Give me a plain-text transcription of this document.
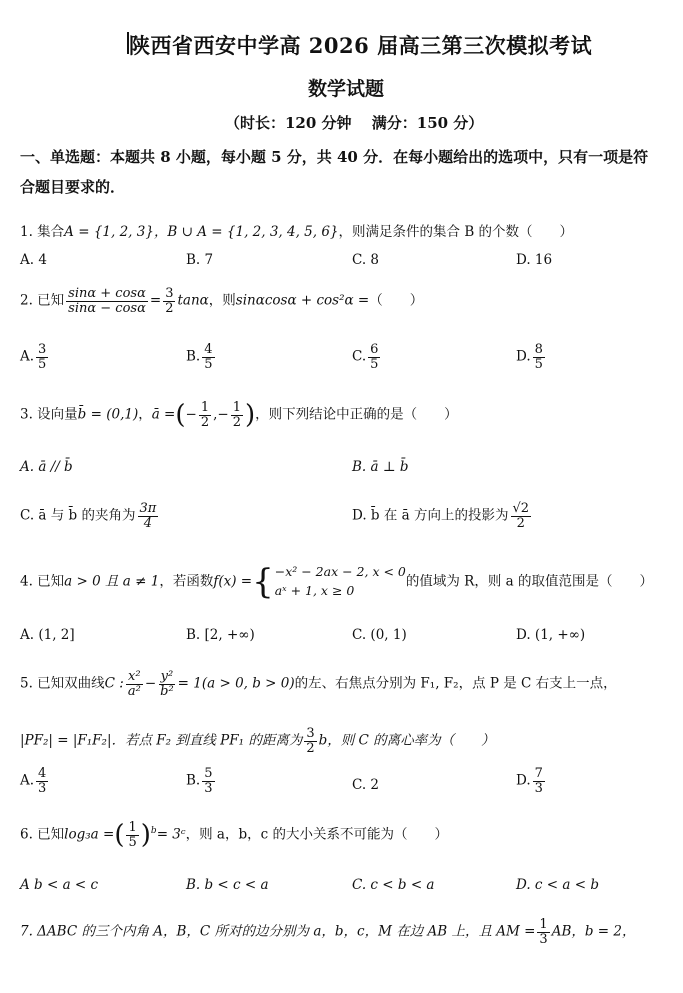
陕西省西安中学高 2026 届高三第三次模拟考试
数学试题
（时长：120 分钟　 满分：150 分）
一、单选题：本题共 8 小题，每小题 5 分，共 40 分．在每小题给出的选项中，只有一项是符
合题目要求的．
1. 集合A = {1, 2, 3}，B ∪ A = {1, 2, 3, 4, 5, 6}，则满足条件的集合 B 的个数（　　）
A. 4	B. 7	C. 8	D. 16
2. 已知 $\frac{\sin\alpha + \cos\alpha}{\sin\alpha - \cos\alpha} = \frac{3}{2}$ tanα，则sinαcosα + cos²α =（　　）
A. $\frac{3}{5}$	B. $\frac{4}{5}$	C. $\frac{6}{5}$	D. $\frac{8}{5}$
3. 设向量b̄ = (0,1)，ā =(− $\frac{1}{2}$ ,− $\frac{1}{2}$ )，则下列结论中正确的是（　　）
A. ā // b̄	B. ā ⊥ b̄
C. ā 与 b̄ 的夹角为 $\frac{3\pi}{4}$	D. b̄ 在 ā 方向上的投影为 $\frac{√2}{2}$
4. 已知a > 0 且 a ≠ 1，若函数f(x) ={ −x² − 2ax − 2, x < 0
aˣ + 1, x ≥ 0
的值域为 R，则 a 的取值范围是（　　）
A. (1, 2]	B. [2, +∞)	C. (0, 1)	D. (1, +∞)
5. 已知双曲线C : $\frac{\text{x²}}{\text{a²}} - \frac{\text{y²}}{\text{b²}} = 1(a > 0$, b > 0)的左、右焦点分别为 F₁, F₂，点 P 是 C 右支上一点，
|PF₂| = |F₁F₂|．若点 F₂ 到直线 PF₁ 的距离为 $\frac{3}{2}$ b，则 C 的离心率为（　　）
A. $\frac{4}{3}$	B. $\frac{5}{3}$	C. 2	D. $\frac{7}{3}$
6. 已知log₃a =( $\frac{1}{5} )^b=$ 3ᶜ，则 a，b，c 的大小关系不可能为（　　）
A b < a < c	B. b < c < a	C. c < b < a	D. c < a < b
7. ΔABC 的三个内角 A，B，C 所对的边分别为 a，b，c，M 在边 AB 上，且 AM = $\frac{1}{3}$ AB，b = 2，
